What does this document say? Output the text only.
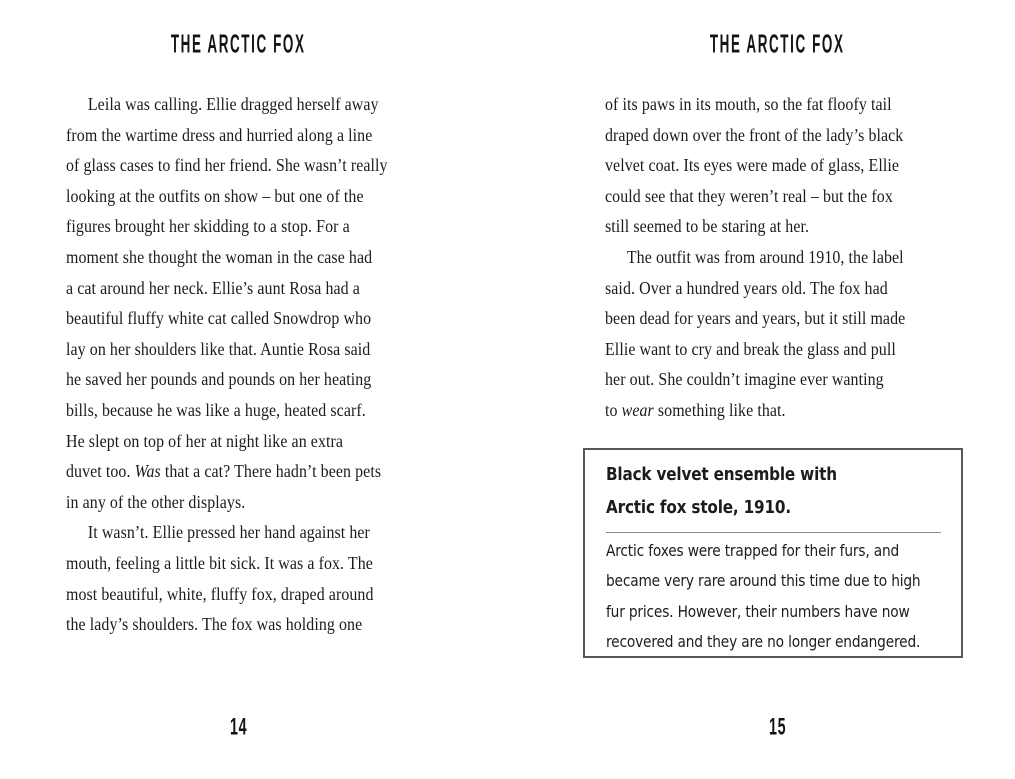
THE ARCTIC FOX
Leila was calling. Ellie dragged herself away
from the wartime dress and hurried along a line
of glass cases to find her friend. She wasn’t really
looking at the outfits on show – but one of the
figures brought her skidding to a stop. For a
moment she thought the woman in the case had
a cat around her neck. Ellie’s aunt Rosa had a
beautiful fluffy white cat called Snowdrop who
lay on her shoulders like that. Auntie Rosa said
he saved her pounds and pounds on her heating
bills, because he was like a huge, heated scarf.
He slept on top of her at night like an extra
duvet too. Was that a cat? There hadn’t been pets
in any of the other displays.
It wasn’t. Ellie pressed her hand against her
mouth, feeling a little bit sick. It was a fox. The
most beautiful, white, fluffy fox, draped around
the lady’s shoulders. The fox was holding one
14
THE ARCTIC FOX
of its paws in its mouth, so the fat floofy tail
draped down over the front of the lady’s black
velvet coat. Its eyes were made of glass, Ellie
could see that they weren’t real – but the fox
still seemed to be staring at her.
The outfit was from around 1910, the label
said. Over a hundred years old. The fox had
been dead for years and years, but it still made
Ellie want to cry and break the glass and pull
her out. She couldn’t imagine ever wanting
to wear something like that.
Black velvet ensemble with
Arctic fox stole, 1910.
Arctic foxes were trapped for their furs, and
became very rare around this time due to high
fur prices. However, their numbers have now
recovered and they are no longer endangered.
15
